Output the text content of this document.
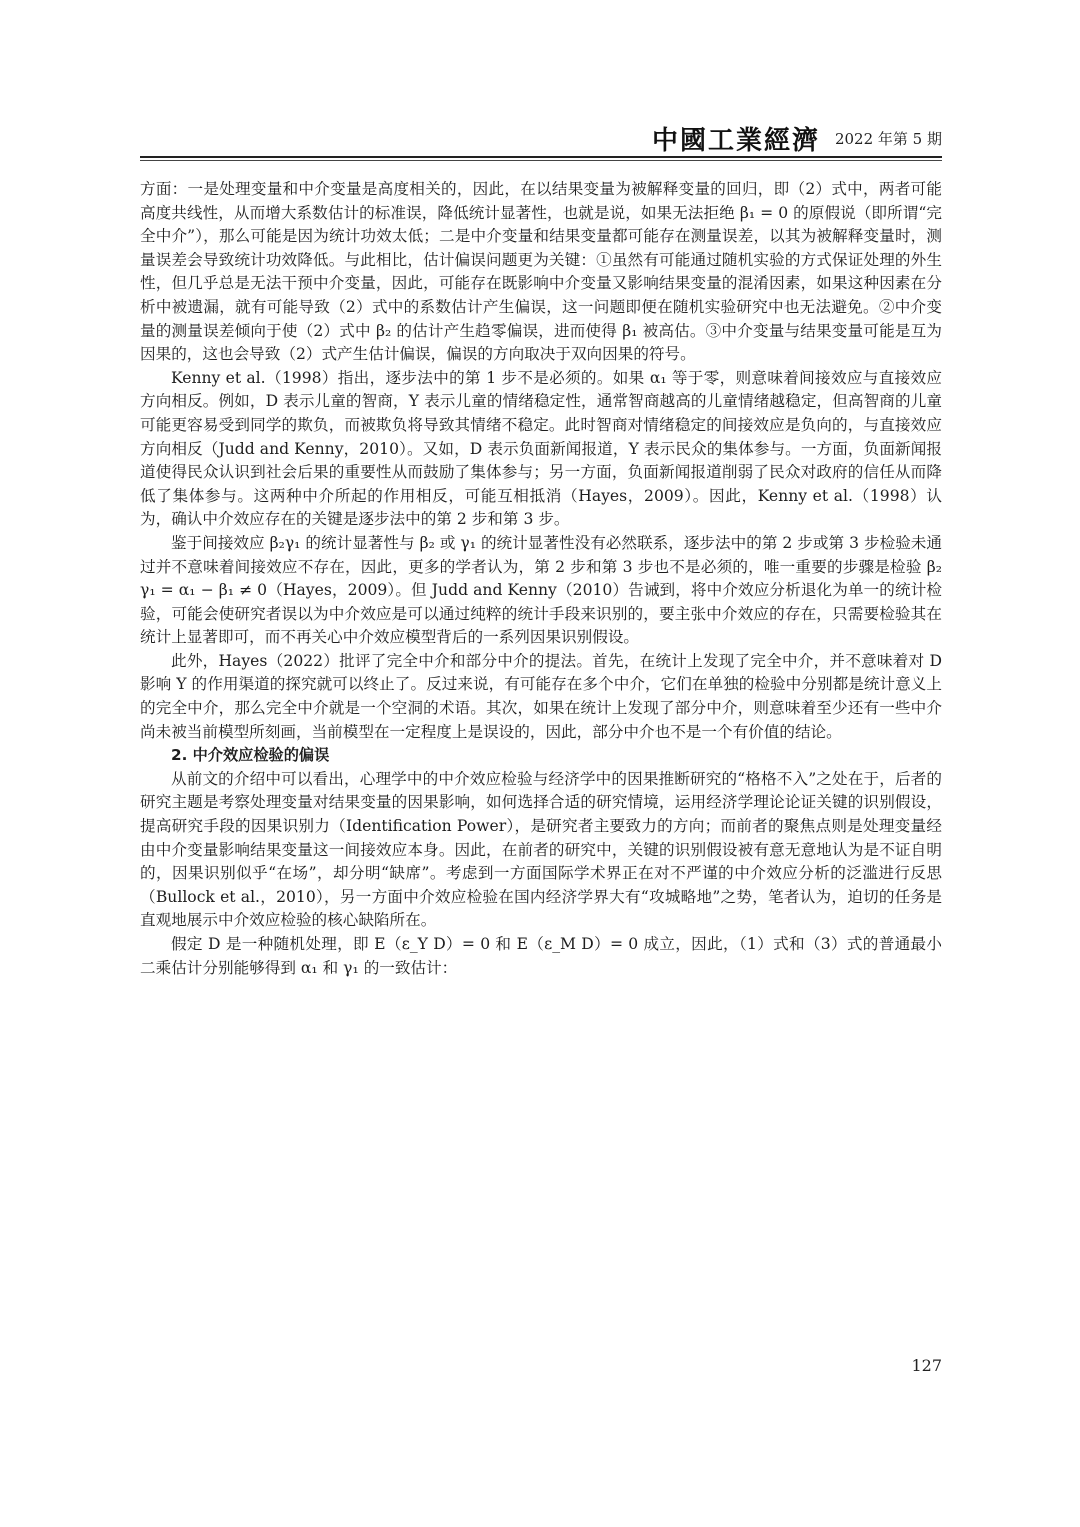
中國工業經濟 2022 年第 5 期

方面：一是处理变量和中介变量是高度相关的，因此，在以结果变量为被解释变量的回归，即（2）式中，两者可能高度共线性，从而增大系数估计的标准误，降低统计显著性，也就是说，如果无法拒绝 β₁ = 0 的原假说（即所谓“完全中介”），那么可能是因为统计功效太低；二是中介变量和结果变量都可能存在测量误差，以其为被解释变量时，测量误差会导致统计功效降低。与此相比，估计偏误问题更为关键：①虽然有可能通过随机实验的方式保证处理的外生性，但几乎总是无法干预中介变量，因此，可能存在既影响中介变量又影响结果变量的混淆因素，如果这种因素在分析中被遗漏，就有可能导致（2）式中的系数估计产生偏误，这一问题即便在随机实验研究中也无法避免。②中介变量的测量误差倾向于使（2）式中 β₂ 的估计产生趋零偏误，进而使得 β₁ 被高估。③中介变量与结果变量可能是互为因果的，这也会导致（2）式产生估计偏误，偏误的方向取决于双向因果的符号。

Kenny et al.（1998）指出，逐步法中的第 1 步不是必须的。如果 α₁ 等于零，则意味着间接效应与直接效应方向相反。例如，D 表示儿童的智商，Y 表示儿童的情绪稳定性，通常智商越高的儿童情绪越稳定，但高智商的儿童可能更容易受到同学的欺负，而被欺负将导致其情绪不稳定。此时智商对情绪稳定的间接效应是负向的，与直接效应方向相反（Judd and Kenny，2010）。又如，D 表示负面新闻报道，Y 表示民众的集体参与。一方面，负面新闻报道使得民众认识到社会后果的重要性从而鼓励了集体参与；另一方面，负面新闻报道削弱了民众对政府的信任从而降低了集体参与。这两种中介所起的作用相反，可能互相抵消（Hayes，2009）。因此，Kenny et al.（1998）认为，确认中介效应存在的关键是逐步法中的第 2 步和第 3 步。

鉴于间接效应 β₂γ₁ 的统计显著性与 β₂ 或 γ₁ 的统计显著性没有必然联系，逐步法中的第 2 步或第 3 步检验未通过并不意味着间接效应不存在，因此，更多的学者认为，第 2 步和第 3 步也不是必须的，唯一重要的步骤是检验 β₂γ₁ = α₁ − β₁ ≠ 0（Hayes，2009）。但 Judd and Kenny（2010）告诫到，将中介效应分析退化为单一的统计检验，可能会使研究者误以为中介效应是可以通过纯粹的统计手段来识别的，要主张中介效应的存在，只需要检验其在统计上显著即可，而不再关心中介效应模型背后的一系列因果识别假设。

此外，Hayes（2022）批评了完全中介和部分中介的提法。首先，在统计上发现了完全中介，并不意味着对 D 影响 Y 的作用渠道的探究就可以终止了。反过来说，有可能存在多个中介，它们在单独的检验中分别都是统计意义上的完全中介，那么完全中介就是一个空洞的术语。其次，如果在统计上发现了部分中介，则意味着至少还有一些中介尚未被当前模型所刻画，当前模型在一定程度上是误设的，因此，部分中介也不是一个有价值的结论。

2. 中介效应检验的偏误

从前文的介绍中可以看出，心理学中的中介效应检验与经济学中的因果推断研究的“格格不入”之处在于，后者的研究主题是考察处理变量对结果变量的因果影响，如何选择合适的研究情境，运用经济学理论论证关键的识别假设，提高研究手段的因果识别力（Identification Power），是研究者主要致力的方向；而前者的聚焦点则是处理变量经由中介变量影响结果变量这一间接效应本身。因此，在前者的研究中，关键的识别假设被有意无意地认为是不证自明的，因果识别似乎“在场”，却分明“缺席”。考虑到一方面国际学术界正在对不严谨的中介效应分析的泛滥进行反思（Bullock et al.，2010），另一方面中介效应检验在国内经济学界大有“攻城略地”之势，笔者认为，迫切的任务是直观地展示中介效应检验的核心缺陷所在。

假定 D 是一种随机处理，即 E（ε_Y D）= 0 和 E（ε_M D）= 0 成立，因此，（1）式和（3）式的普通最小二乘估计分别能够得到 α₁ 和 γ₁ 的一致估计：

127
